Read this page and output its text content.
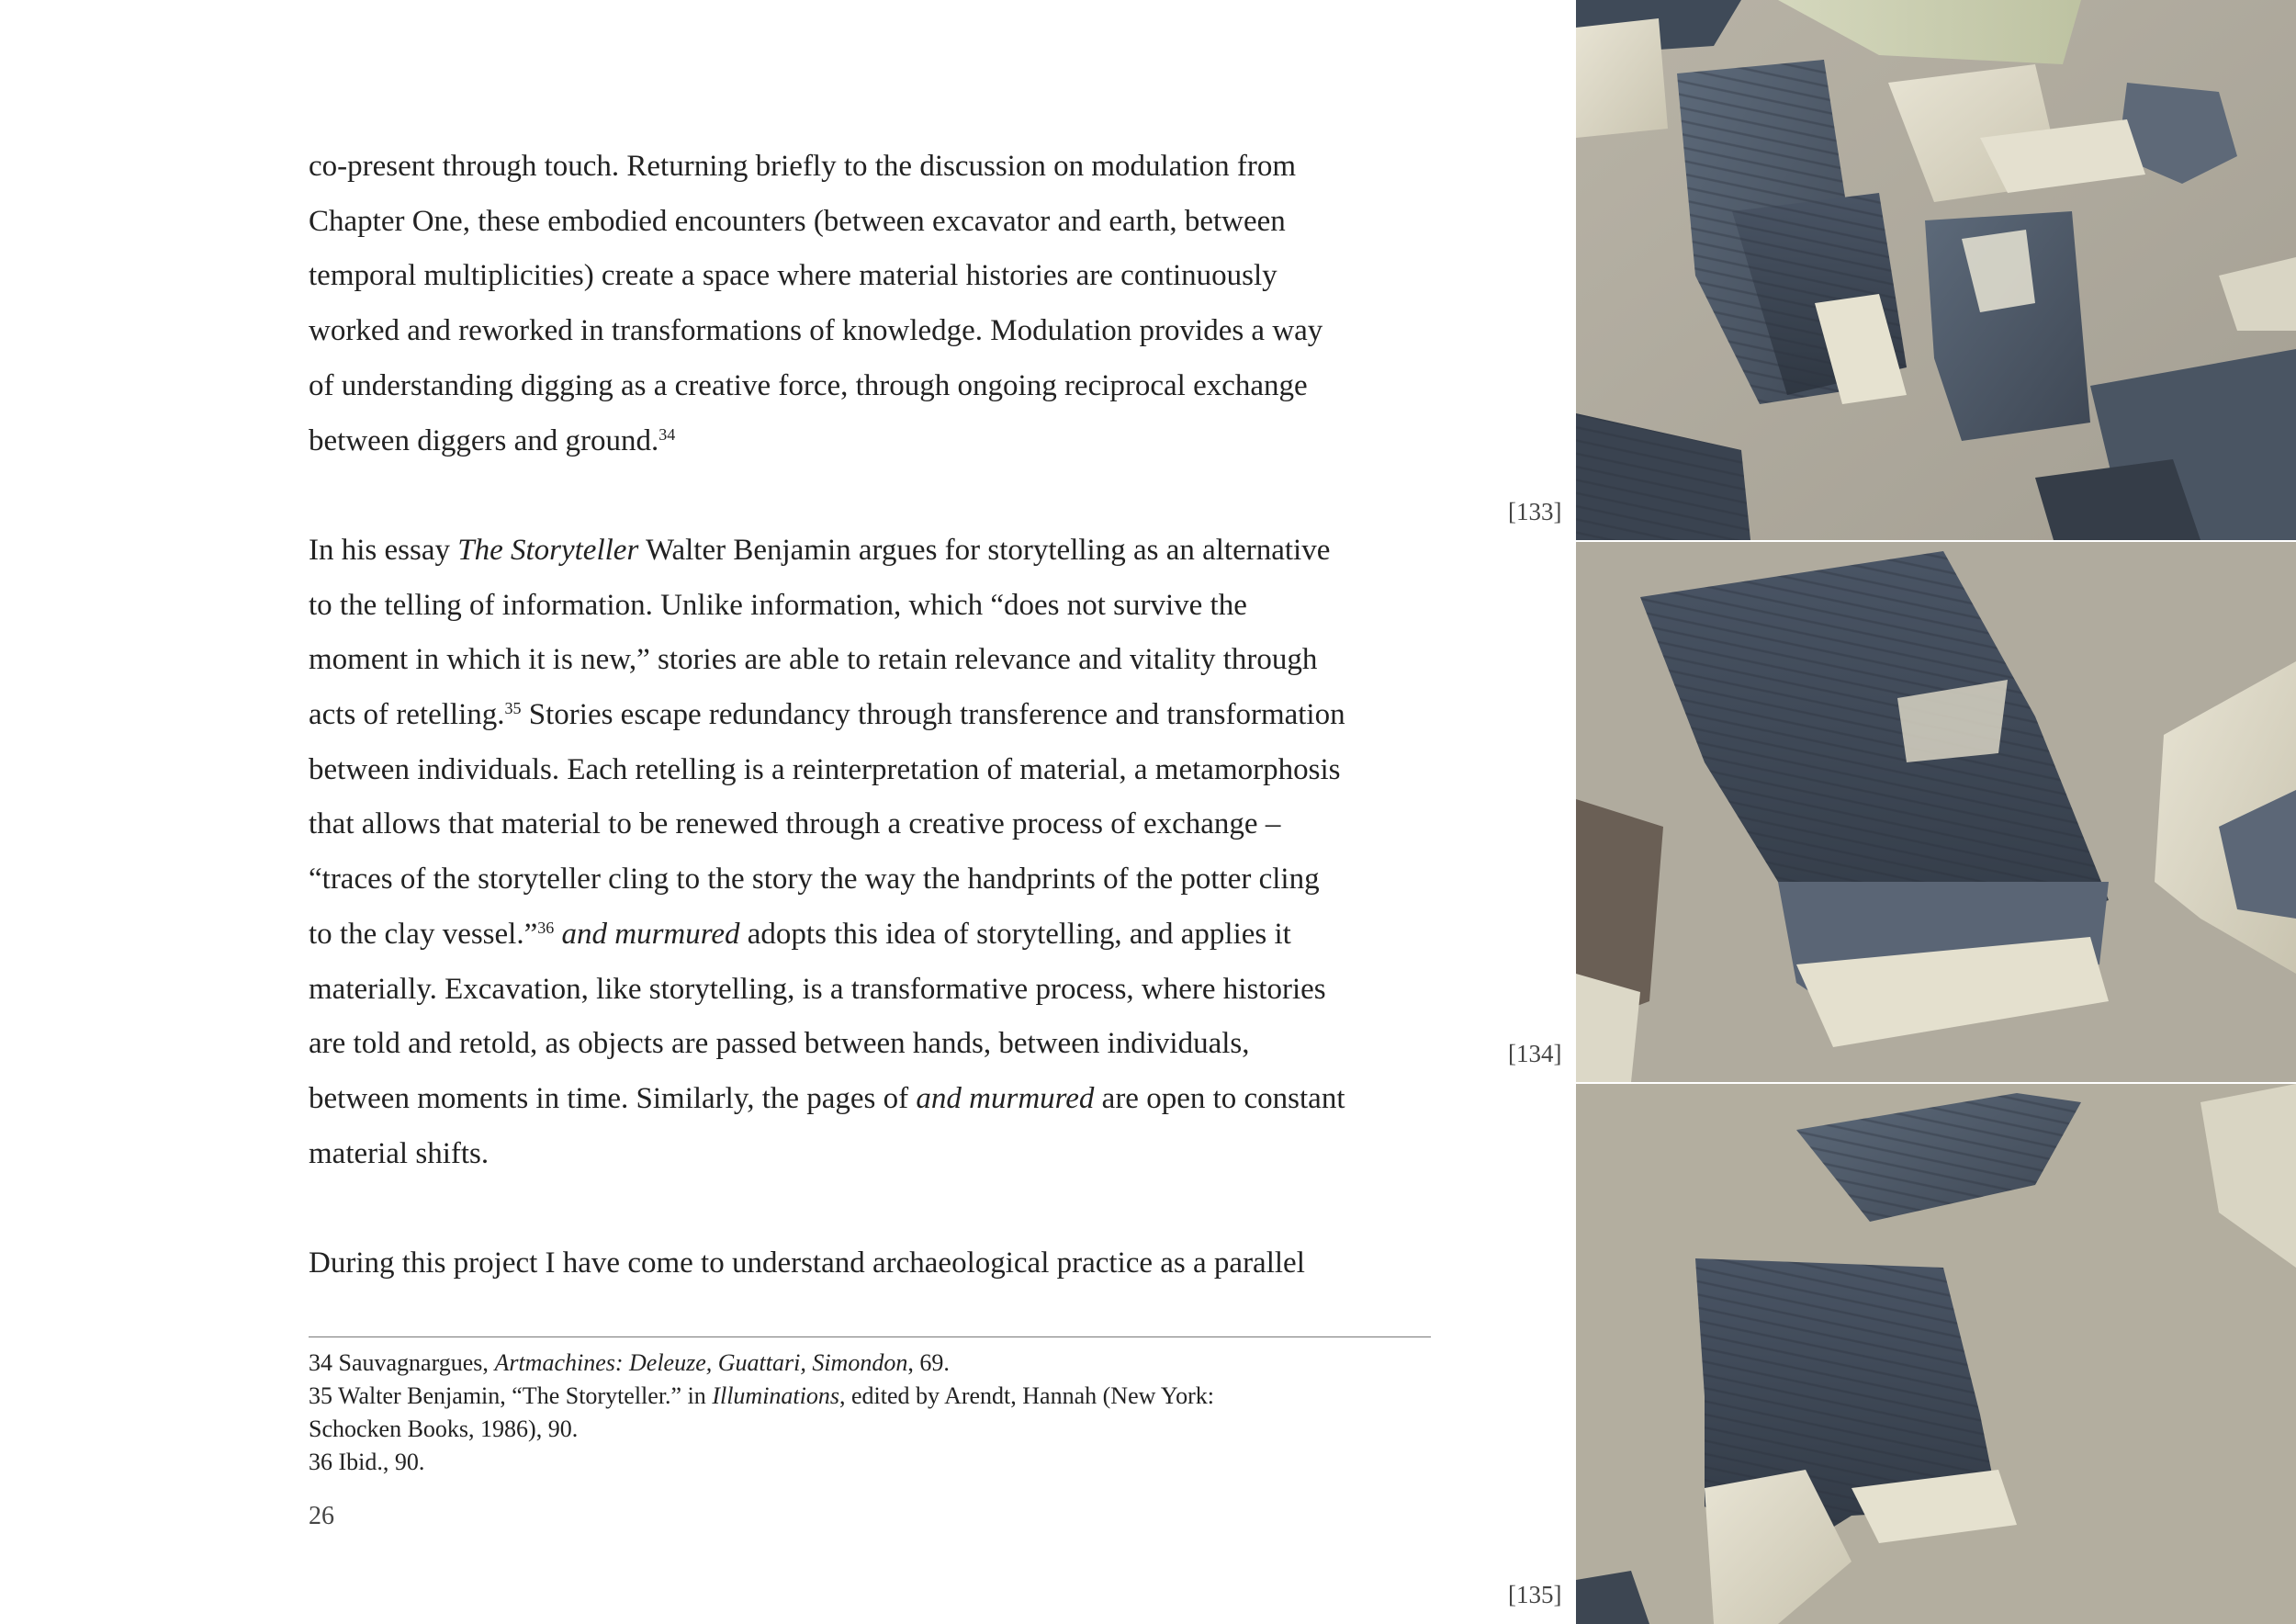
co-present through touch. Returning briefly to the discussion on modulation from
Chapter One, these embodied encounters (between excavator and earth, between
temporal multiplicities) create a space where material histories are continuously
worked and reworked in transformations of knowledge. Modulation provides a way
of understanding digging as a creative force, through ongoing reciprocal exchange
between diggers and ground.$^{34}$

In his essay The Storyteller Walter Benjamin argues for storytelling as an alternative
to the telling of information. Unlike information, which “does not survive the
moment in which it is new,” stories are able to retain relevance and vitality through
acts of retelling.$^{35}$ Stories escape redundancy through transference and transformation
between individuals. Each retelling is a reinterpretation of material, a metamorphosis
that allows that material to be renewed through a creative process of exchange –
“traces of the storyteller cling to the story the way the handprints of the potter cling
to the clay vessel.”$^{36}$ and murmured adopts this idea of storytelling, and applies it
materially. Excavation, like storytelling, is a transformative process, where histories
are told and retold, as objects are passed between hands, between individuals,
between moments in time. Similarly, the pages of and murmured are open to constant
material shifts.

During this project I have come to understand archaeological practice as a parallel

34 Sauvagnargues, Artmachines: Deleuze, Guattari, Simondon, 69.
35 Walter Benjamin, “The Storyteller.” in Illuminations, edited by Arendt, Hannah (New York:
Schocken Books, 1986), 90.
36 Ibid., 90.
26
[133]
[134]
[135]
